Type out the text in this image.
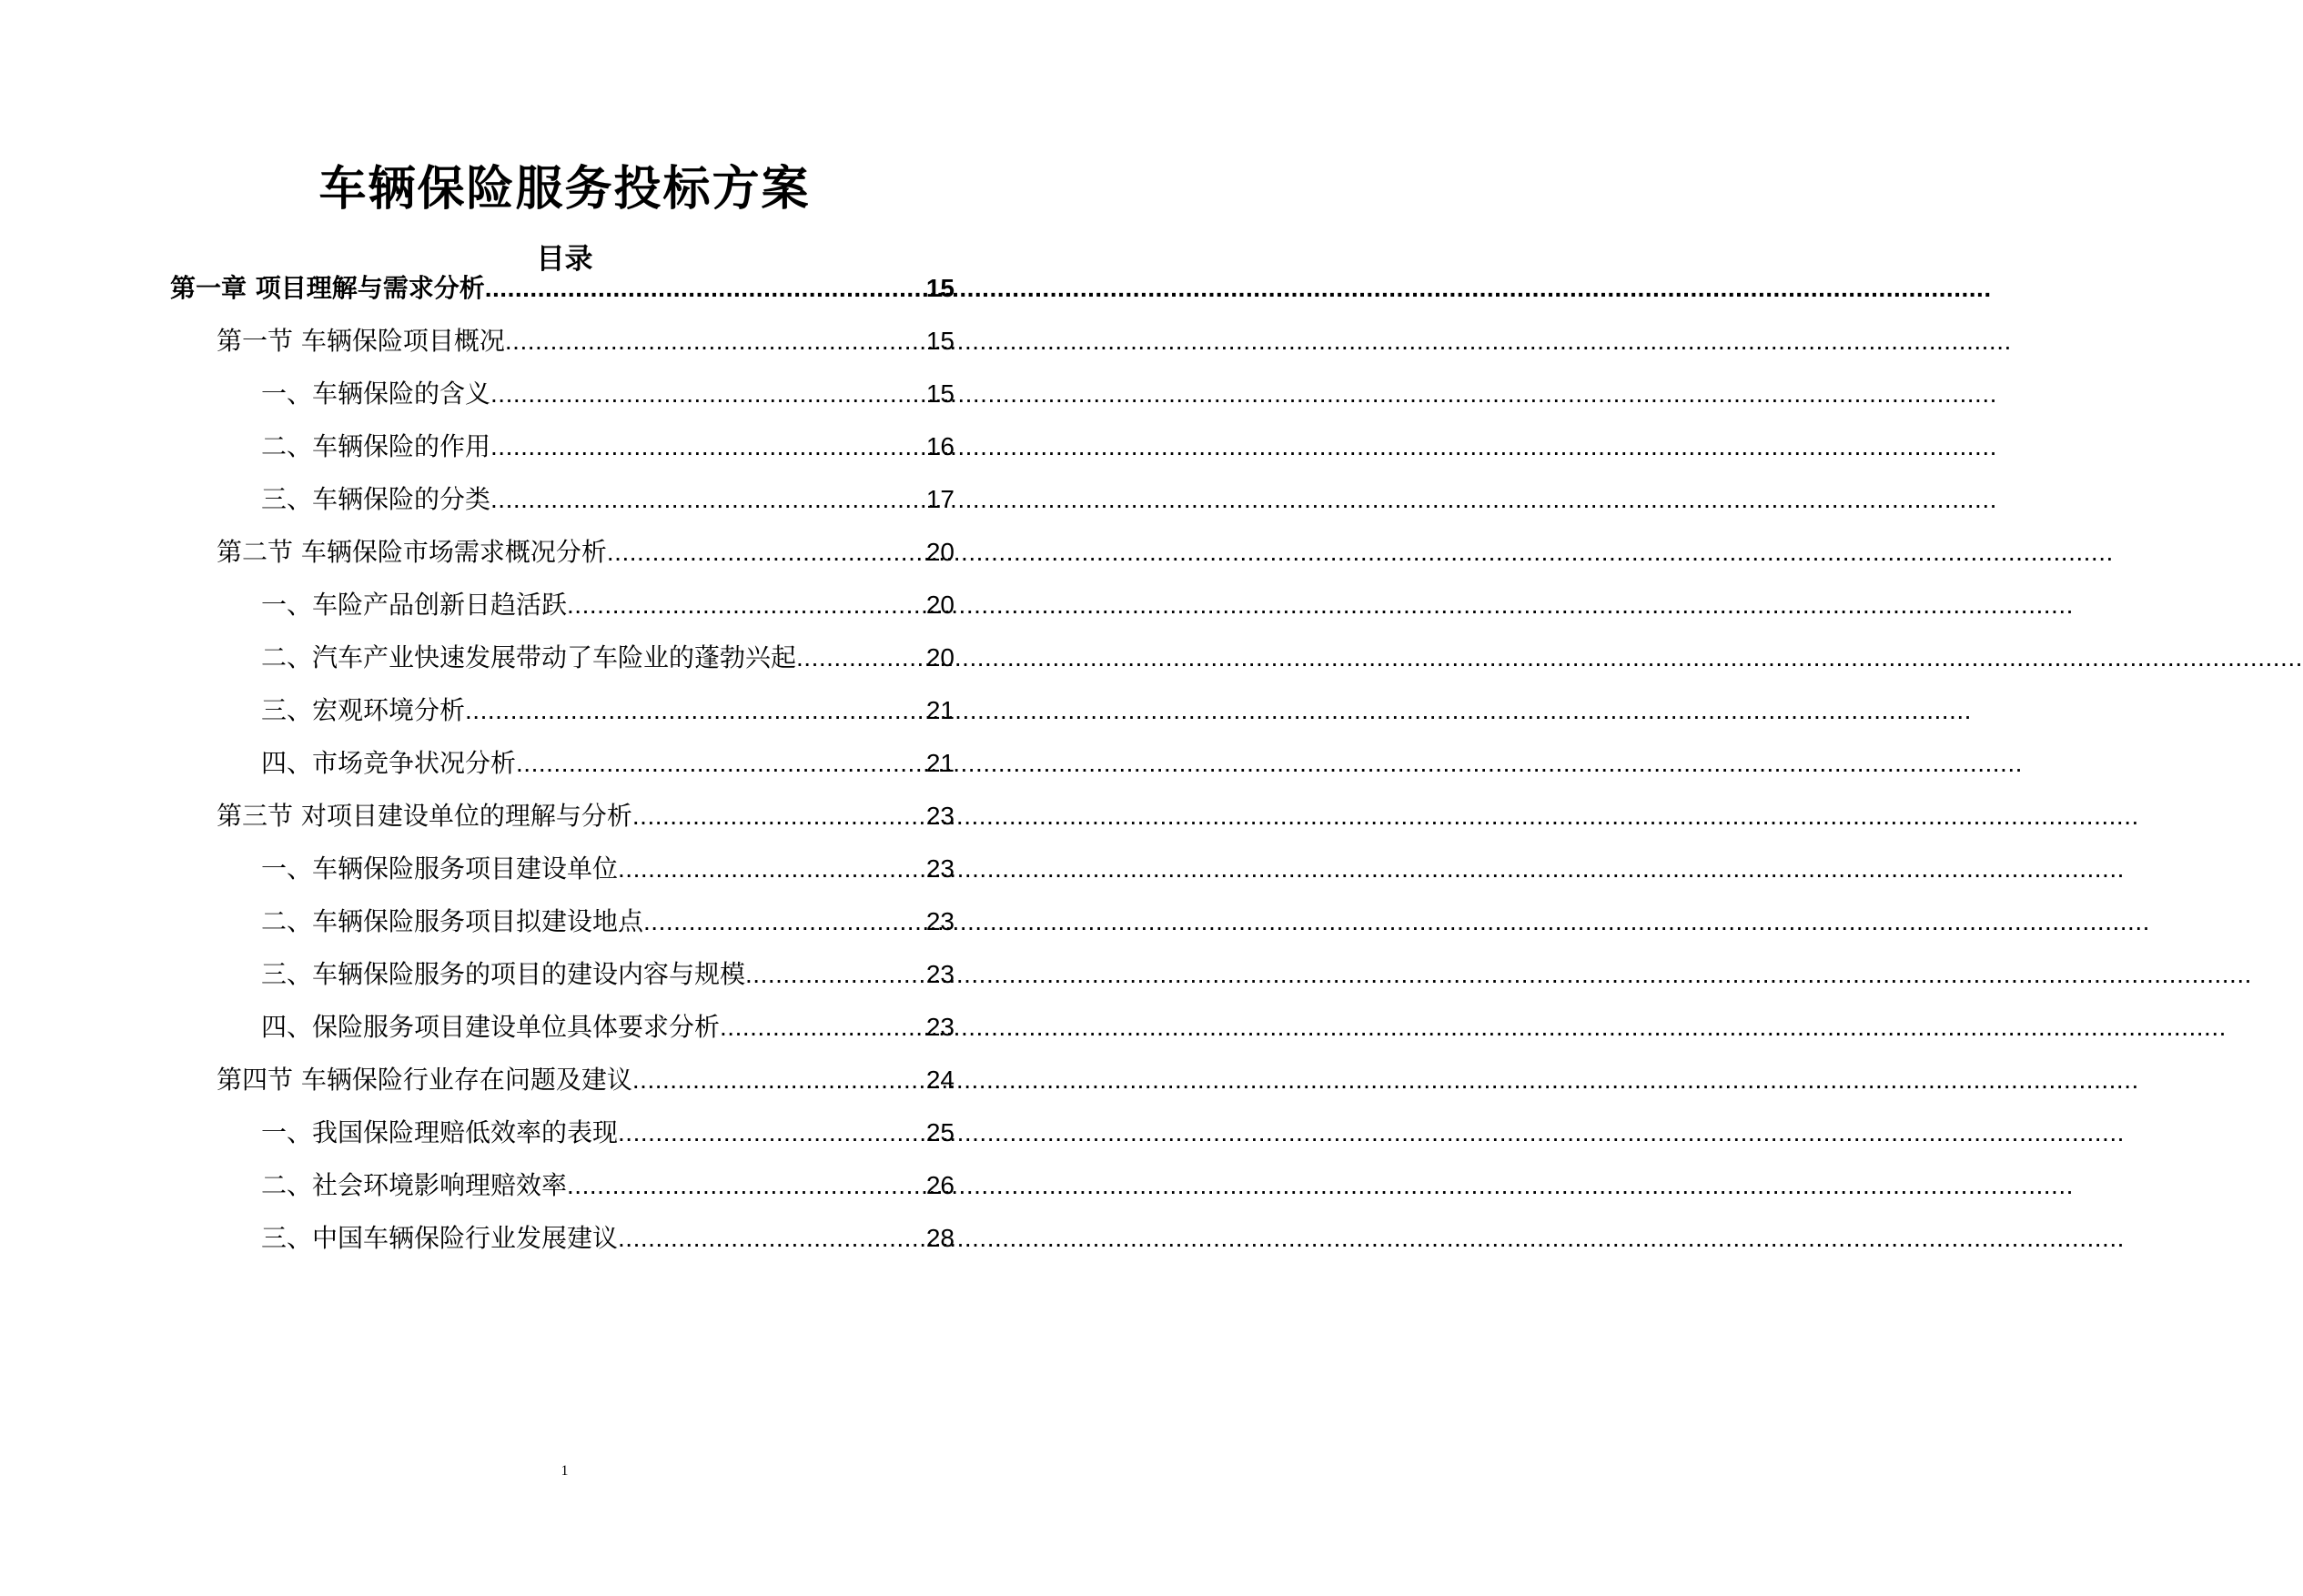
车辆保险服务投标方案
目录
第一章 项目理解与需求分析 .....	15
第一节 车辆保险项目概况 .....	15
一、车辆保险的含义 .....	15
二、车辆保险的作用 .....	16
三、车辆保险的分类 .....	17
第二节 车辆保险市场需求概况分析 .....	20
一、车险产品创新日趋活跃 .....	20
二、汽车产业快速发展带动了车险业的蓬勃兴起 .....	20
三、宏观环境分析 .....	21
四、市场竞争状况分析 .....	21
第三节 对项目建设单位的理解与分析 .....	23
一、车辆保险服务项目建设单位 .....	23
二、车辆保险服务项目拟建设地点 .....	23
三、车辆保险服务的项目的建设内容与规模 .....	23
四、保险服务项目建设单位具体要求分析 .....	23
第四节 车辆保险行业存在问题及建议 .....	24
一、我国保险理赔低效率的表现 .....	25
二、社会环境影响理赔效率 .....	26
三、中国车辆保险行业发展建议 .....	28
1
